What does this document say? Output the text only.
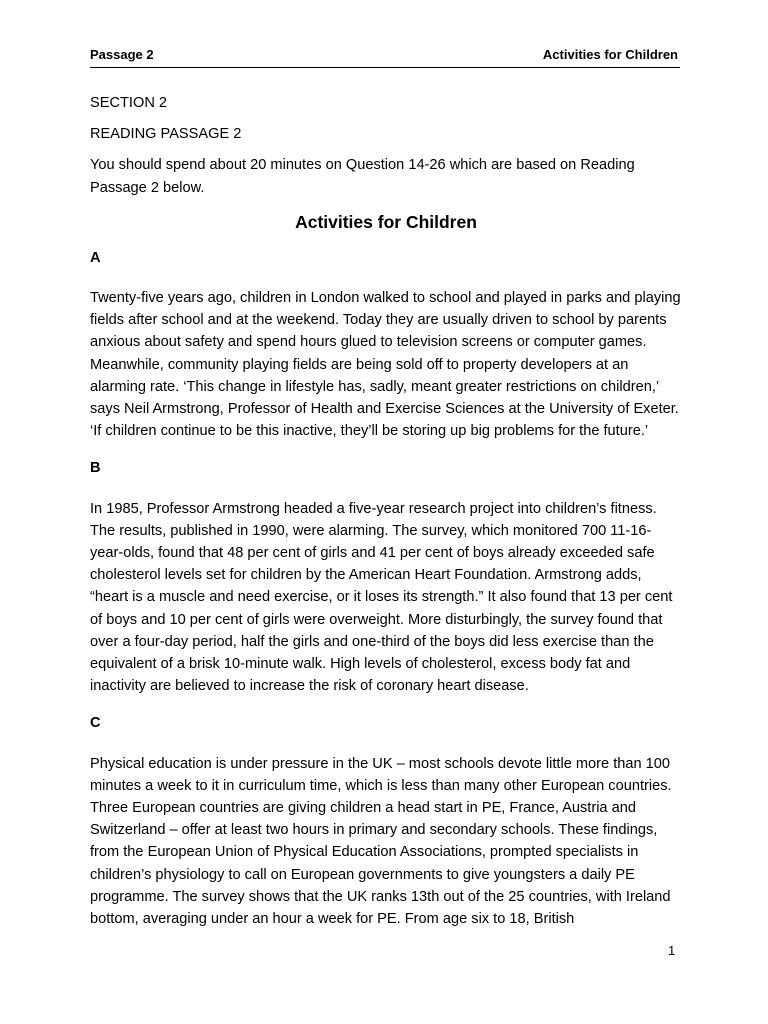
Passage 2	Activities for Children

SECTION 2

READING PASSAGE 2

You should spend about 20 minutes on Question 14-26 which are based on Reading Passage 2 below.

Activities for Children

A

Twenty-five years ago, children in London walked to school and played in parks and playing fields after school and at the weekend. Today they are usually driven to school by parents anxious about safety and spend hours glued to television screens or computer games. Meanwhile, community playing fields are being sold off to property developers at an alarming rate. ‘This change in lifestyle has, sadly, meant greater restrictions on children,’ says Neil Armstrong, Professor of Health and Exercise Sciences at the University of Exeter. ‘If children continue to be this inactive, they’ll be storing up big problems for the future.’

B

In 1985, Professor Armstrong headed a five-year research project into children’s fitness. The results, published in 1990, were alarming. The survey, which monitored 700 11-16-year-olds, found that 48 per cent of girls and 41 per cent of boys already exceeded safe cholesterol levels set for children by the American Heart Foundation. Armstrong adds, “heart is a muscle and need exercise, or it loses its strength.” It also found that 13 per cent of boys and 10 per cent of girls were overweight. More disturbingly, the survey found that over a four-day period, half the girls and one-third of the boys did less exercise than the equivalent of a brisk 10-minute walk. High levels of cholesterol, excess body fat and inactivity are believed to increase the risk of coronary heart disease.

C

Physical education is under pressure in the UK – most schools devote little more than 100 minutes a week to it in curriculum time, which is less than many other European countries. Three European countries are giving children a head start in PE, France, Austria and Switzerland – offer at least two hours in primary and secondary schools. These findings, from the European Union of Physical Education Associations, prompted specialists in children’s physiology to call on European governments to give youngsters a daily PE programme. The survey shows that the UK ranks 13th out of the 25 countries, with Ireland bottom, averaging under an hour a week for PE. From age six to 18, British

1
